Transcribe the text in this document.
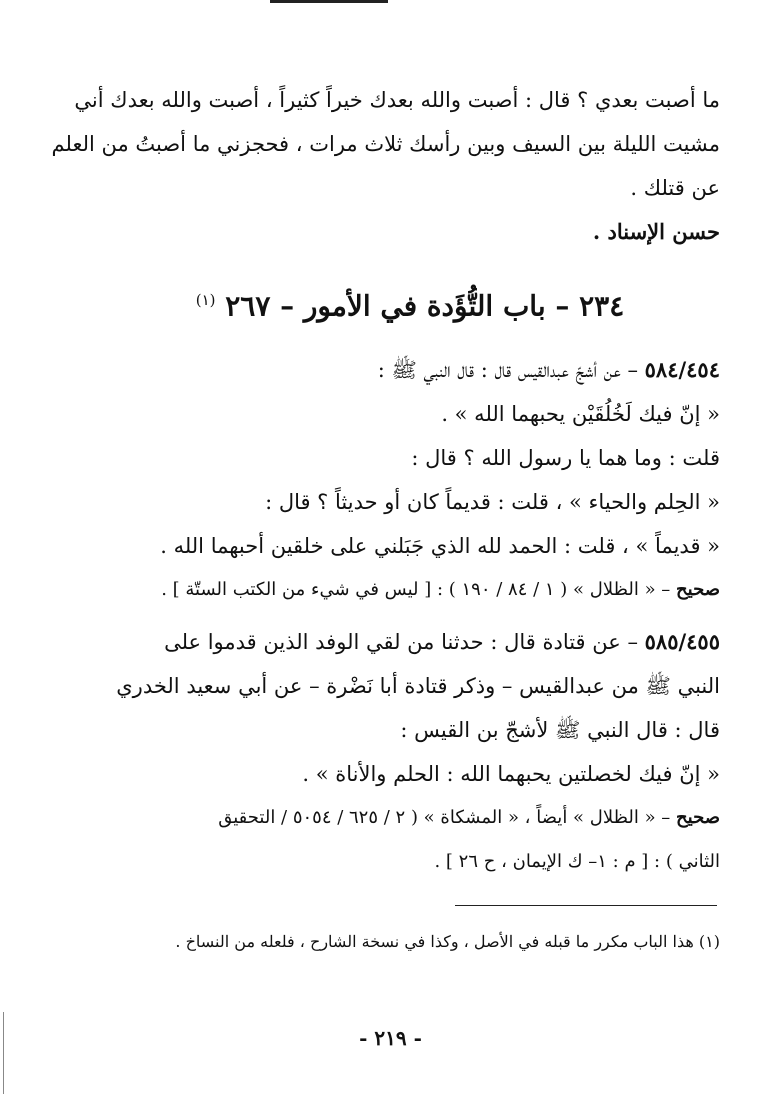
ما أصبت بعدي ؟ قال : أصبت والله بعدك خيراً كثيراً ، أصبت والله بعدك أني
مشيت الليلة بين السيف وبين رأسك ثلاث مرات ، فحجزني ما أصبتُ من العلم
عن قتلك .
حسن الإسناد .
٢٣٤ – باب التُّؤَدة في الأمور – ٢٦٧ $^{(١)}$
٥٨٤/٤٥٤ – عن أشجّ عبدالقيس قال : قال النبي ﷺ :
« إنّ فيك لَخُلُقَيْن يحبهما الله » .
قلت : وما هما يا رسول الله ؟ قال :
« الحِلم والحياء » ، قلت : قديماً كان أو حديثاً ؟ قال :
« قديماً » ، قلت : الحمد لله الذي جَبَلني على خلقين أحبهما الله .
صحيح – « الظلال » ( ١ / ٨٤ / ١٩٠ ) : [ ليس في شيء من الكتب الستّة ] .
٥٨٥/٤٥٥ – عن قتادة قال : حدثنا من لقي الوفد الذين قدموا على
النبي ﷺ من عبدالقيس – وذكر قتادة أبا نَضْرة – عن أبي سعيد الخدري
قال : قال النبي ﷺ لأشجّ بن القيس :
« إنّ فيك لخصلتين يحبهما الله : الحلم والأناة » .
صحيح – « الظلال » أيضاً ، « المشكاة » ( ٢ / ٦٢٥ / ٥٠٥٤ / التحقيق
الثاني ) : [ م : ١– ك الإيمان ، ح ٢٦ ] .
(١) هذا الباب مكرر ما قبله في الأصل ، وكذا في نسخة الشارح ، فلعله من النساخ .
- ٢١٩ -
